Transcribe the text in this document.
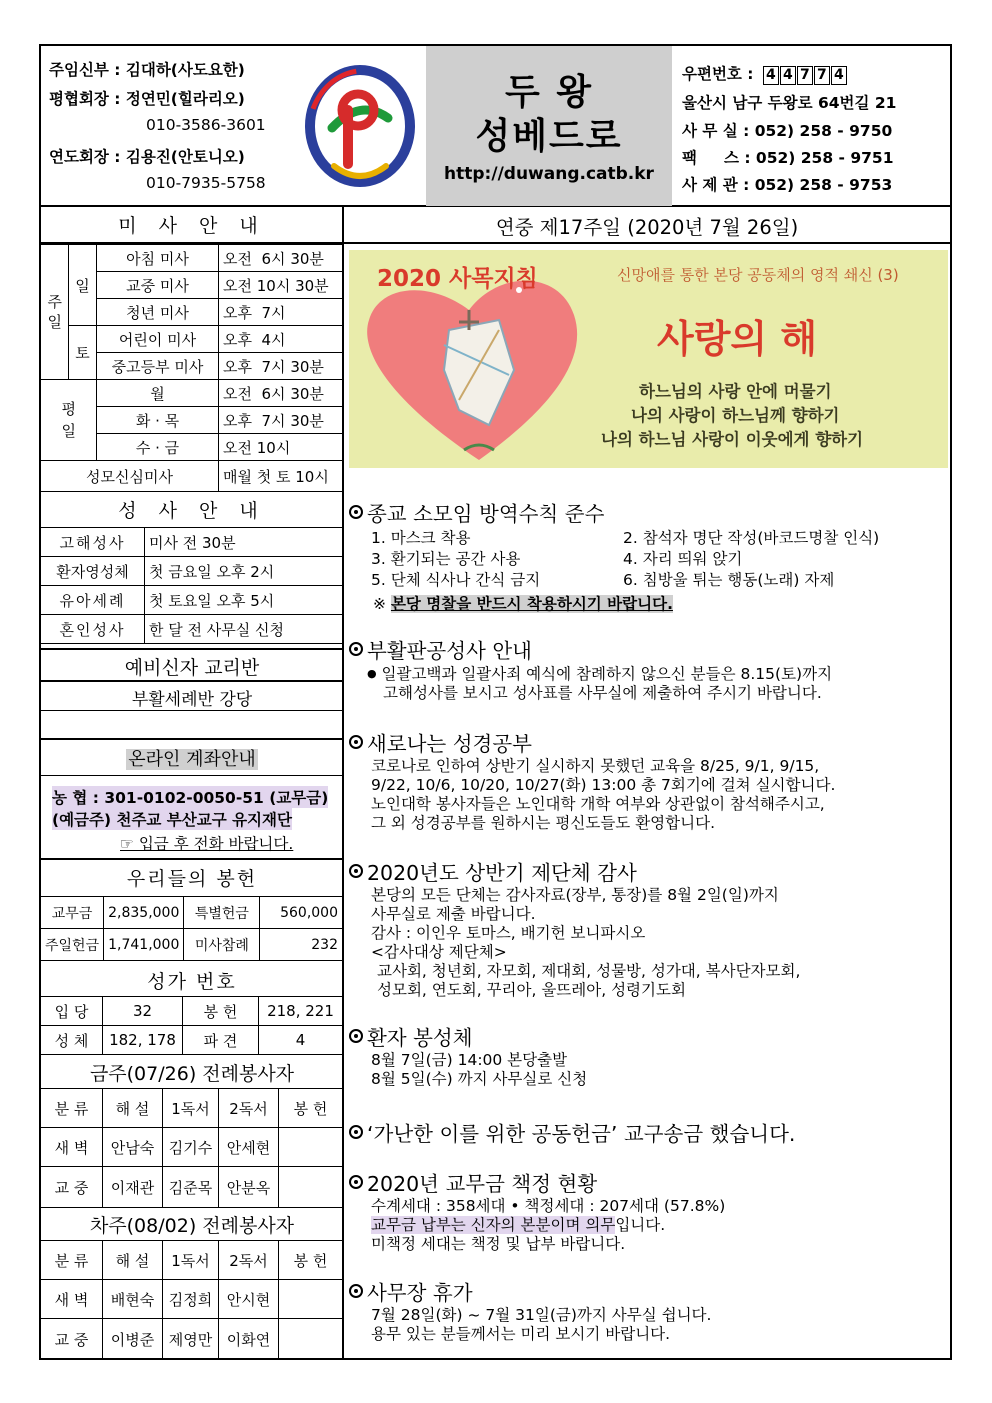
주임신부 : 김대하(사도요한)
평협회장 : 정연민(힐라리오)
010-3586-3601
연도회장 : 김용진(안토니오)
010-7935-5758
두 왕
성베드로
http://duwang.catb.kr
우편번호 : 4 4 7 7 4
울산시 남구 두왕로 64번길 21
사 무 실 : 052) 258 - 9750
팩     스 : 052) 258 - 9751
사 제 관 : 052) 258 - 9753
미 사 안 내
주일	일	아침 미사	오전  6시 30분
		교중 미사	오전 10시 30분
		청년 미사	오후  7시
	토	어린이 미사	오후  4시
		중고등부 미사	오후  7시 30분
평일		월	오전  6시 30분
		화 · 목	오후  7시 30분
		수 · 금	오전 10시
성모신심미사			매월 첫 토 10시
성 사 안 내
고해성사	미사 전 30분
환자영성체	첫 금요일 오후 2시
유아세례	첫 토요일 오후 5시
혼인성사	한 달 전 사무실 신청
예비신자 교리반
부활세례반 강당
온라인 계좌안내
농 협 : 301-0102-0050-51 (교무금)
(예금주) 천주교 부산교구 유지재단
☞ 입금 후 전화 바랍니다.
우리들의 봉헌
교무금	2,835,000	특별헌금	560,000
주일헌금	1,741,000	미사참례	232
성가 번호
입 당	32	봉 헌	218, 221
성 체	182, 178	파 견	4
금주(07/26) 전례봉사자
분 류	해 설	1독서	2독서	봉 헌
새 벽	안남숙	김기수	안세현	
교 중	이재관	김준목	안분옥	
차주(08/02) 전례봉사자
분 류	해 설	1독서	2독서	봉 헌
새 벽	배현숙	김정희	안시현	
교 중	이병준	제영만	이화연	
연중 제17주일 (2020년 7월 26일)
2020 사목지침	신망애를 통한 본당 공동체의 영적 쇄신 (3)
사랑의 해
하느님의 사랑 안에 머물기
나의 사랑이 하느님께 향하기
나의 하느님 사랑이 이웃에게 향하기
종교 소모임 방역수칙 준수
1. 마스크 착용	2. 참석자 명단 작성(바코드명찰 인식)
3. 환기되는 공간 사용	4. 자리 띄워 앉기
5. 단체 식사나 간식 금지	6. 침방울 튀는 행동(노래) 자제
※ 본당 명찰을 반드시 착용하시기 바랍니다.
부활판공성사 안내
● 일괄고백과 일괄사죄 예식에 참례하지 않으신 분들은 8.15(토)까지
고해성사를 보시고 성사표를 사무실에 제출하여 주시기 바랍니다.
새로나는 성경공부
코로나로 인하여 상반기 실시하지 못했던 교육을 8/25, 9/1, 9/15,
9/22, 10/6, 10/20, 10/27(화) 13:00 총 7회기에 걸쳐 실시합니다.
노인대학 봉사자들은 노인대학 개학 여부와 상관없이 참석해주시고,
그 외 성경공부를 원하시는 평신도들도 환영합니다.
2020년도 상반기 제단체 감사
본당의 모든 단체는 감사자료(장부, 통장)를 8월 2일(일)까지
사무실로 제출 바랍니다.
감사 : 이인우 토마스, 배기헌 보니파시오
<감사대상 제단체>
교사회, 청년회, 자모회, 제대회, 성물방, 성가대, 복사단자모회,
성모회, 연도회, 꾸리아, 울뜨레아, 성령기도회
환자 봉성체
8월 7일(금) 14:00 본당출발
8월 5일(수) 까지 사무실로 신청
‘가난한 이를 위한 공동헌금’ 교구송금 했습니다.
2020년 교무금 책정 현황
수계세대 : 358세대 • 책정세대 : 207세대 (57.8%)
교무금 납부는 신자의 본분이며 의무입니다.
미책정 세대는 책정 및 납부 바랍니다.
사무장 휴가
7월 28일(화) ~ 7월 31일(금)까지 사무실 쉽니다.
용무 있는 분들께서는 미리 보시기 바랍니다.
